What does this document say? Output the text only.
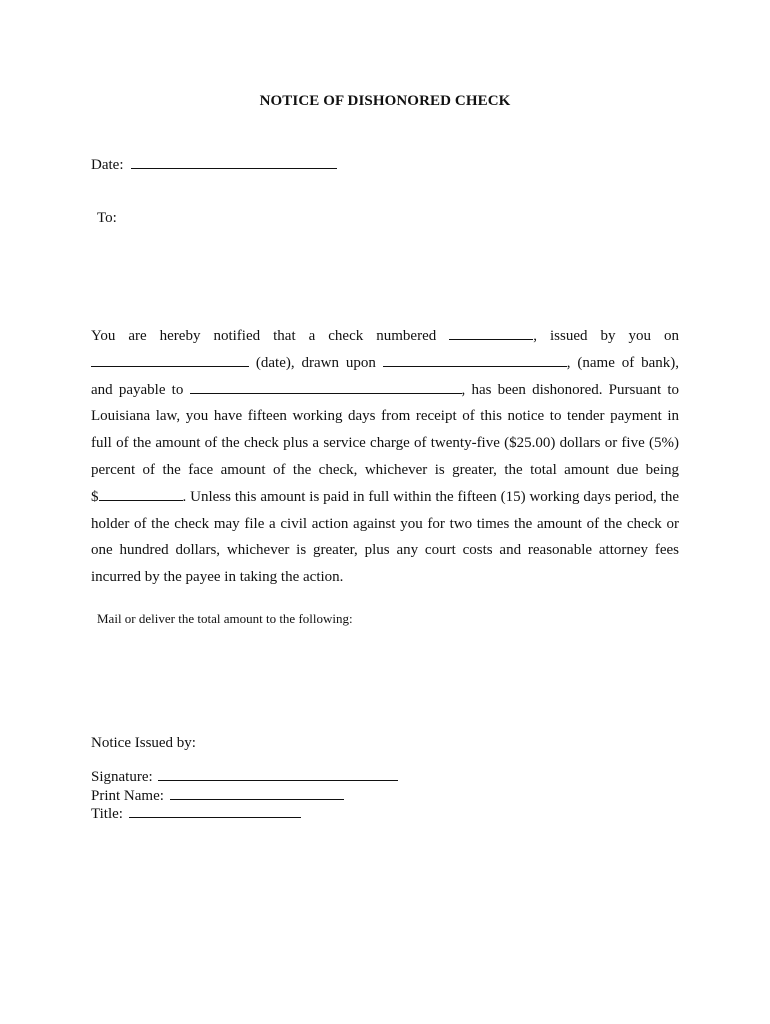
NOTICE OF DISHONORED CHECK
Date:
To:
You are hereby notified that a check numbered	, issued by you on
(date), drawn upon	, (name of bank),
and payable to	, has been dishonored. Pursuant to
Louisiana law, you have fifteen working days from receipt of this notice to tender payment in
full of the amount of the check plus a service charge of twenty-five ($25.00) dollars or five (5%)
percent of the face amount of the check, whichever is greater, the total amount due being
$	. Unless this amount is paid in full within the fifteen (15) working days period, the
holder of the check may file a civil action against you for two times the amount of the check or
one hundred dollars, whichever is greater, plus any court costs and reasonable attorney fees
incurred by the payee in taking the action.
Mail or deliver the total amount to the following:
Notice Issued by:
Signature:
Print Name:
Title:
